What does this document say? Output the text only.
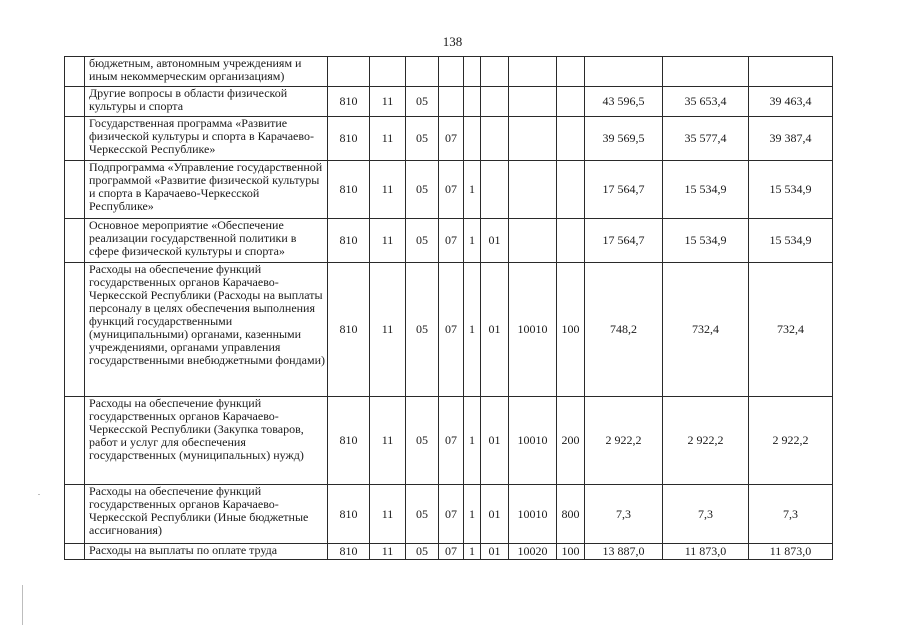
138
	бюджетным, автономным учреждениям и иным некоммерческим организациям)											
	Другие вопросы в области физической культуры и спорта	810	11	05						43 596,5	35 653,4	39 463,4
	Государственная программа «Развитие физической культуры и спорта в Карачаево-Черкесской Республике»	810	11	05	07					39 569,5	35 577,4	39 387,4
	Подпрограмма «Управление государственной программой «Развитие физической культуры и спорта в Карачаево-Черкесской Республике»	810	11	05	07	1				17 564,7	15 534,9	15 534,9
	Основное мероприятие «Обеспечение реализации государственной политики в сфере физической культуры и спорта»	810	11	05	07	1	01			17 564,7	15 534,9	15 534,9
	Расходы на обеспечение функций государственных органов Карачаево-Черкесской Республики (Расходы на выплаты персоналу в целях обеспечения выполнения функций государственными (муниципальными) органами, казенными учреждениями, органами управления государственными внебюджетными фондами)	810	11	05	07	1	01	10010	100	748,2	732,4	732,4
	Расходы на обеспечение функций государственных органов Карачаево-Черкесской Республики (Закупка товаров, работ и услуг для обеспечения государственных (муниципальных) нужд)	810	11	05	07	1	01	10010	200	2 922,2	2 922,2	2 922,2
	Расходы на обеспечение функций государственных органов Карачаево-Черкесской Республики (Иные бюджетные ассигнования)	810	11	05	07	1	01	10010	800	7,3	7,3	7,3
	Расходы на выплаты по оплате труда	810	11	05	07	1	01	10020	100	13 887,0	11 873,0	11 873,0
